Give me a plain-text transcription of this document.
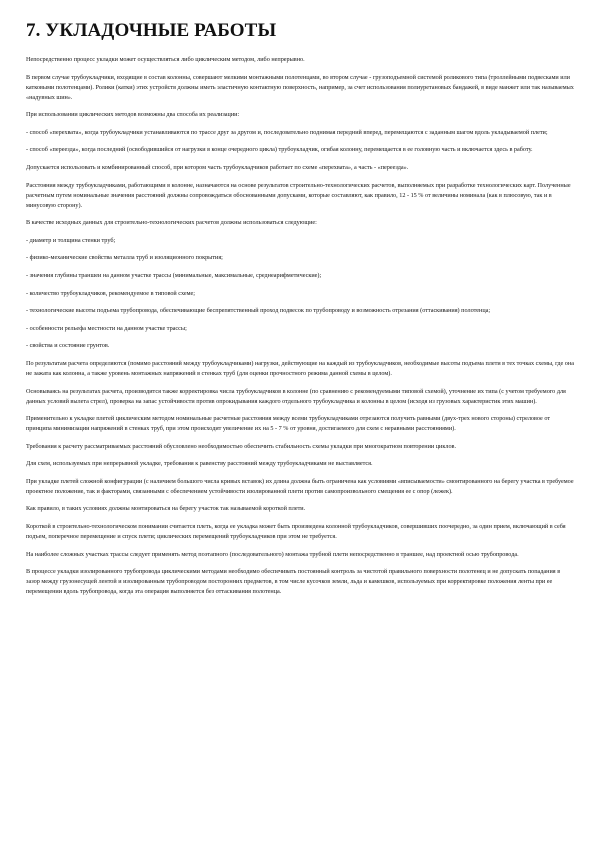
7. УКЛАДОЧНЫЕ РАБОТЫ

Непосредственно процесс укладки может осуществляться либо циклическим методом, либо непрерывно.

В первом случае трубоукладчики, входящие в состав колонны, совершают мелкими монтажными полотенцами, во втором случае - грузоподъемной системой роликового типа (троллейными подвесками или катковыми полотенцами). Ролики (катки) этих устройств должны иметь эластичную контактную поверхность, например, за счет использования полиуретановых бандажей, в виде манжет или так называемых «надувных шин».

При использовании циклических методов возможны два способа их реализации:

- способ «перехвата», когда трубоукладчики устанавливаются по трассе друг за другом и, последовательно поднимая передний вперед, перемещаются с заданным шагом вдоль укладываемой плети;

- способ «переезда», когда последний (освободившийся от нагрузки в конце очередного цикла) трубоукладчик, огибая колонну, перемещается в ее головную часть и включается здесь в работу.

Допускается использовать и комбинированный способ, при котором часть трубоукладчиков работает по схеме «перехвата», а часть - «переезда».

Расстояния между трубоукладчиками, работающими в колонне, назначаются на основе результатов строительно-технологических расчетов, выполняемых при разработке технологических карт. Полученные расчетным путем номинальные значения расстояний должны сопровождаться обоснованными допусками, которые составляют, как правило, 12 - 15 % от величины номинала (как в плюсовую, так и в минусовую сторону).

В качестве исходных данных для строительно-технологических расчетов должны использоваться следующие:

- диаметр и толщина стенки труб;

- физико-механические свойства металла труб и изоляционного покрытия;

- значения глубины траншеи на данном участке трассы (минимальные, максимальные, среднеарифметические);

- количество трубоукладчиков, рекомендуемое в типовой схеме;

- технологические высоты подъема трубопровода, обеспечивающие беспрепятственный проход подвесок по трубопроводу и возможность отрезания (оттаскивания) полотенца;

- особенности рельефа местности на данном участке трассы;

- свойства и состояние грунтов.

По результатам расчета определяются (помимо расстояний между трубоукладчиками) нагрузки, действующие на каждый из трубоукладчиков, необходимые высоты подъема плети в тех точках схемы, где она не зажата как колонна, а также уровень монтажных напряжений в стенках труб (для оценки прочностного режима данной схемы в целом).

Основываясь на результатах расчета, производится также корректировка числа трубоукладчиков в колонне (по сравнению с рекомендуемыми типовой схемой), уточнение их типа (с учетом требуемого для данных условий вылета стрел), проверка на запас устойчивости против опрокидывания каждого отдельного трубоукладчика и колонны в целом (исходя из грузовых характеристик этих машин).

Применительно к укладке плетей циклическим методом номинальные расчетные расстояния между всеми трубоукладчиками отрезаются получить равными (двух-трех нового стороны) стреловое от принципа минимизации напряжений в стенках труб, при этом происходит увеличение их на 5 - 7 % от уровня, достигаемого для схем с неравными расстояниями).

Требования к расчету рассматриваемых расстояний обусловлено необходимостью обеспечить стабильность схемы укладки при многократном повторении циклов.

Для схем, используемых при непрерывной укладке, требования к равенству расстояний между трубоукладчиками не выставляется.

При укладке плетей сложной конфигурации (с наличием большого числа кривых вставок) их длина должна быть ограничена как условиями «вписываемости» смонтированного на берегу участка в требуемое проектное положение, так и факторами, связанными с обеспечением устойчивости изолированной плети против самопроизвольного смещения ее с опор (лежек).

Как правило, в таких условиях должны монтироваться на берегу участок так называемой короткой плети.

Короткой в строительно-технологическом понимании считается плеть, когда ее укладка может быть произведена колонной трубоукладчиков, совершивших поочередно, за один прием, включающий в себя подъем, поперечное перемещение и спуск плети; циклических перемещений трубоукладчиков при этом не требуется.

На наиболее сложных участках трассы следует применять метод поэтапного (последовательного) монтажа трубной плети непосредственно в траншее, над проектной осью трубопровода.

В процессе укладки изолированного трубопровода циклическими методами необходимо обеспечивать постоянный контроль за чистотой правильного поверхности полотенец и не допускать попадания в зазор между грузонесущей лентой и изолированным трубопроводом посторонних предметов, в том числе кусочков земли, льда и камешков, используемых при корректировке положения ленты при ее перемещении вдоль трубопровода, когда эта операция выполняется без оттаскивания полотенца.
